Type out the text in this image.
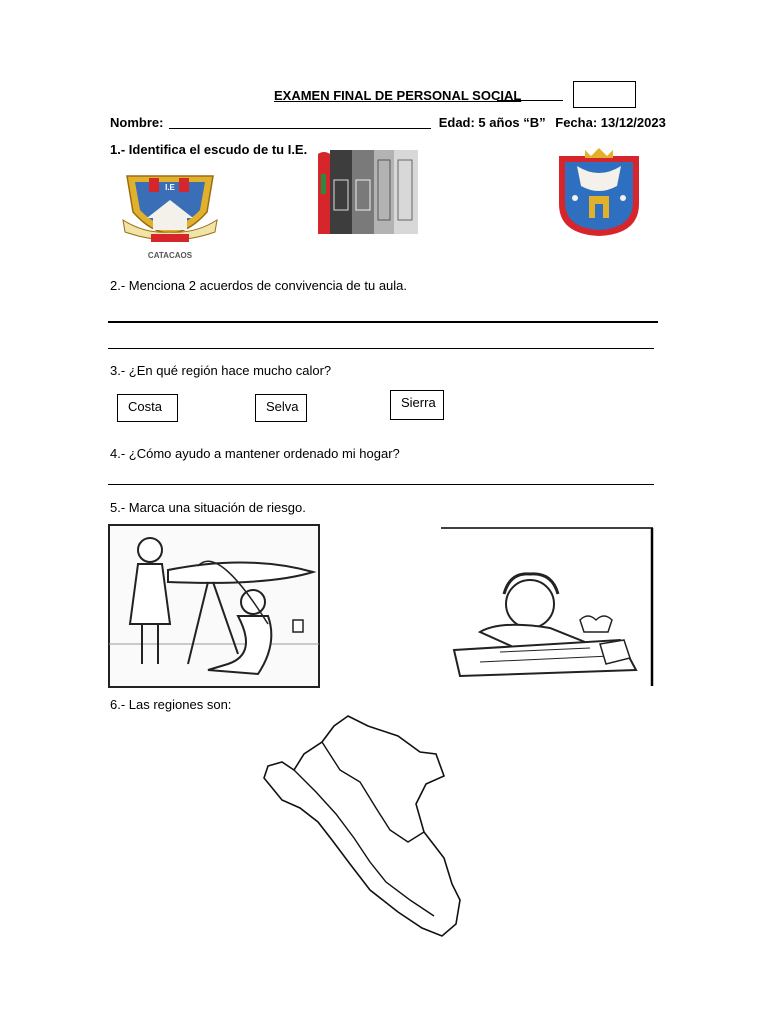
EXAMEN FINAL DE PERSONAL SOCIAL
Nombre:	Edad: 5 años “B” Fecha: 13/12/2023
1.- Identifica el escudo de tu I.E.
CATACAOS
I.E
2.- Menciona 2 acuerdos de convivencia de tu aula.
3.- ¿En qué región hace mucho calor?
Costa	Selva	Sierra
4.- ¿Cómo ayudo a mantener ordenado mi hogar?
5.- Marca una situación de riesgo.
6.- Las regiones son:
